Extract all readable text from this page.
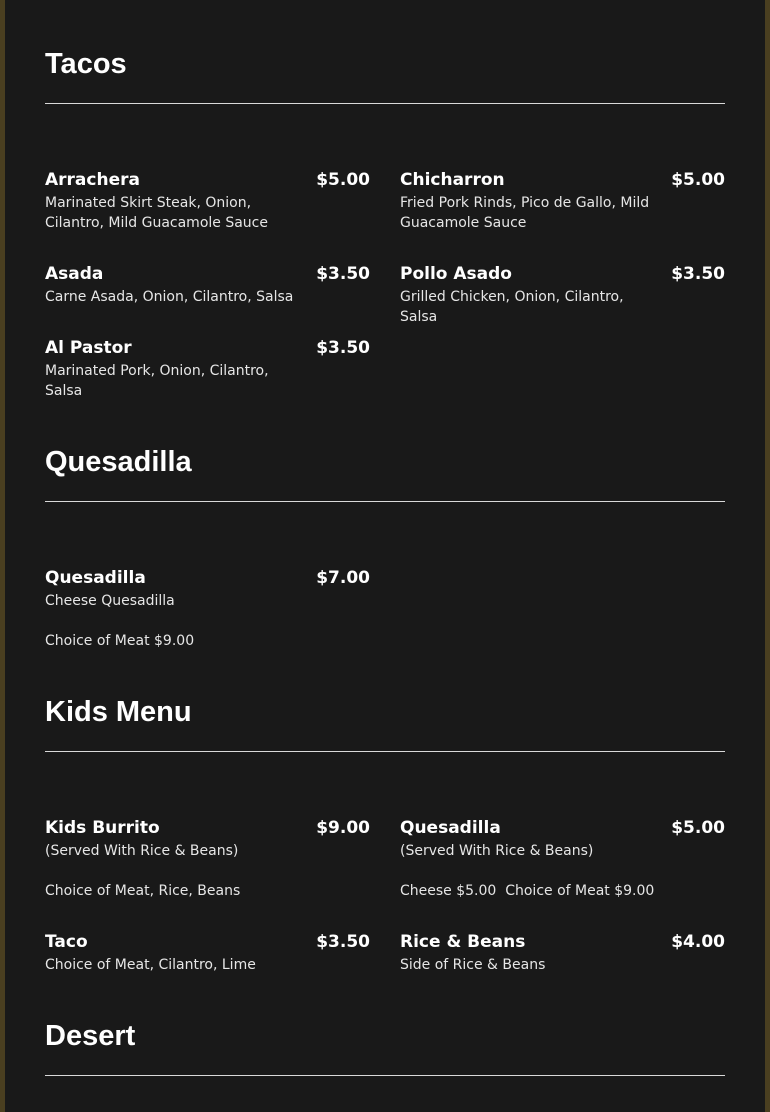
Tacos
Arrachera	$5.00
Marinated Skirt Steak, Onion, Cilantro, Mild Guacamole Sauce
Chicharron	$5.00
Fried Pork Rinds, Pico de Gallo, Mild Guacamole Sauce
Asada	$3.50
Carne Asada, Onion, Cilantro, Salsa
Pollo Asado	$3.50
Grilled Chicken, Onion, Cilantro, Salsa
Al Pastor	$3.50
Marinated Pork, Onion, Cilantro, Salsa
Quesadilla
Quesadilla	$7.00
Cheese Quesadilla
Choice of Meat $9.00
Kids Menu
Kids Burrito	$9.00
(Served With Rice & Beans)
Choice of Meat, Rice, Beans
Quesadilla	$5.00
(Served With Rice & Beans)
Cheese $5.00  Choice of Meat $9.00
Taco	$3.50
Choice of Meat, Cilantro, Lime
Rice & Beans	$4.00
Side of Rice & Beans
Desert
